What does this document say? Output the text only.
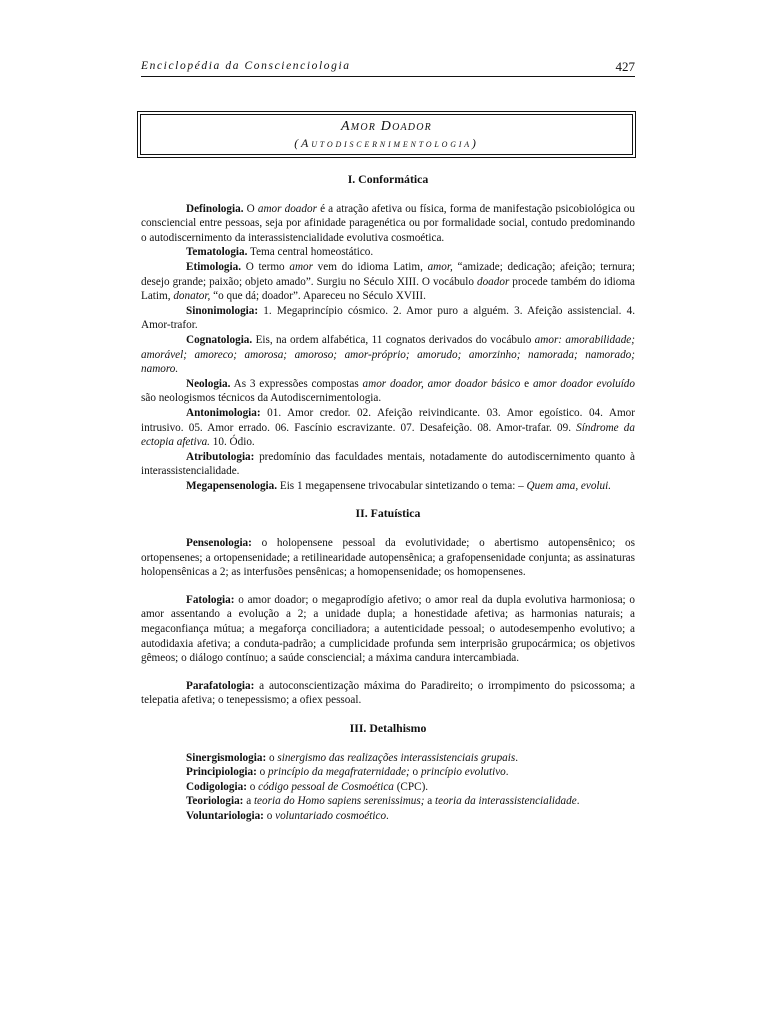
Enciclopédia da Conscienciologia	427
Amor Doador
(Autodiscernimentologia)

I. Conformática

Definologia. O amor doador é a atração afetiva ou física, forma de manifestação psicobiológica ou consciencial entre pessoas, seja por afinidade paragenética ou por formalidade social, contudo predominando o autodiscernimento da interassistencialidade evolutiva cosmoética.

Tematologia. Tema central homeostático.

Etimologia. O termo amor vem do idioma Latim, amor, “amizade; dedicação; afeição; ternura; desejo grande; paixão; objeto amado”. Surgiu no Século XIII. O vocábulo doador procede também do idioma Latim, donator, “o que dá; doador”. Apareceu no Século XVIII.

Sinonimologia: 1. Megaprincípio cósmico. 2. Amor puro a alguém. 3. Afeição assistencial. 4. Amor-trafor.

Cognatologia. Eis, na ordem alfabética, 11 cognatos derivados do vocábulo amor: amorabilidade; amorável; amoreco; amorosa; amoroso; amor-próprio; amorudo; amorzinho; namorada; namorado; namoro.

Neologia. As 3 expressões compostas amor doador, amor doador básico e amor doador evoluído são neologismos técnicos da Autodiscernimentologia.

Antonimologia: 01. Amor credor. 02. Afeição reivindicante. 03. Amor egoístico. 04. Amor intrusivo. 05. Amor errado. 06. Fascínio escravizante. 07. Desafeição. 08. Amor-trafar. 09. Síndrome da ectopia afetiva. 10. Ódio.

Atributologia: predomínio das faculdades mentais, notadamente do autodiscernimento quanto à interassistencialidade.

Megapensenologia. Eis 1 megapensene trivocabular sintetizando o tema: – Quem ama, evolui.

II. Fatuística

Pensenologia: o holopensene pessoal da evolutividade; o abertismo autopensênico; os ortopensenes; a ortopensenidade; a retilinearidade autopensênica; a grafopensenidade conjunta; as assinaturas holopensênicas a 2; as interfusões pensênicas; a homopensenidade; os homopensenes.

Fatologia: o amor doador; o megaprodígio afetivo; o amor real da dupla evolutiva harmoniosa; o amor assentando a evolução a 2; a unidade dupla; a honestidade afetiva; as harmonias naturais; a megaconfiança mútua; a megaforça conciliadora; a autenticidade pessoal; o autodesempenho evolutivo; a autodidaxia afetiva; a conduta-padrão; a cumplicidade profunda sem interprisão grupocármica; os objetivos gêmeos; o diálogo contínuo; a saúde consciencial; a máxima candura intercambiada.

Parafatologia: a autoconscientização máxima do Paradireito; o irrompimento do psicossoma; a telepatia afetiva; o tenepessismo; a ofiex pessoal.

III. Detalhismo

Sinergismologia: o sinergismo das realizações interassistenciais grupais.

Principiologia: o princípio da megafraternidade; o princípio evolutivo.

Codigologia: o código pessoal de Cosmoética (CPC).

Teoriologia: a teoria do Homo sapiens serenissimus; a teoria da interassistencialidade.

Voluntariologia: o voluntariado cosmoético.
